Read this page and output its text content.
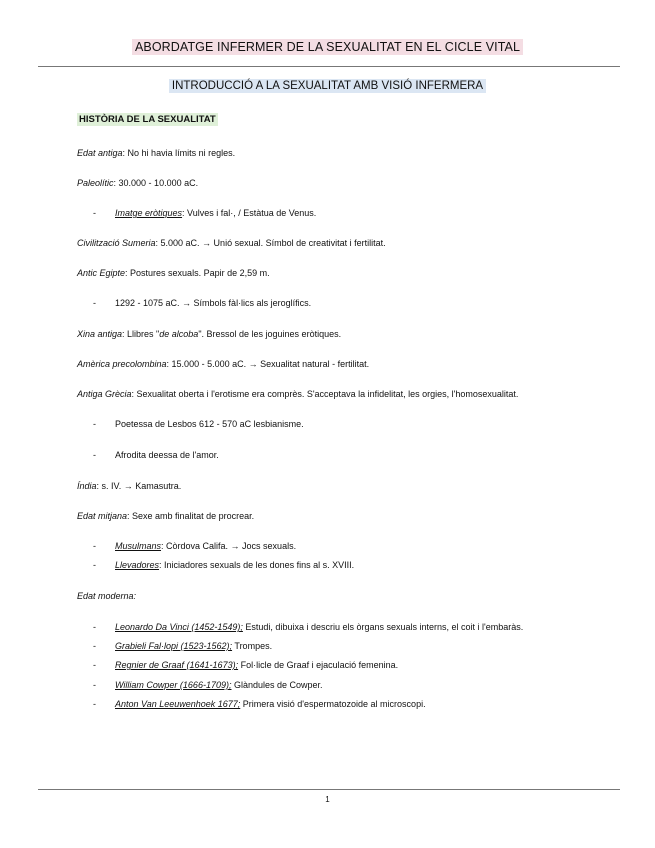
ABORDATGE INFERMER DE LA SEXUALITAT EN EL CICLE VITAL
INTRODUCCIÓ A LA SEXUALITAT AMB VISIÓ INFERMERA
HISTÒRIA DE LA SEXUALITAT
Edat antiga: No hi havia límits ni regles.
Paleolític: 30.000 - 10.000 aC.
- Imatge eròtiques: Vulves i fal·, / Estàtua de Venus.
Civilització Sumeria: 5.000 aC. → Unió sexual. Símbol de creativitat i fertilitat.
Antic Egipte: Postures sexuals. Papir de 2,59 m.
- 1292 - 1075 aC. → Símbols fàl·lics als jeroglífics.
Xina antiga: Llibres "de alcoba". Bressol de les joguines eròtiques.
Amèrica precolombina: 15.000 - 5.000 aC. → Sexualitat natural - fertilitat.
Antiga Grècia: Sexualitat oberta i l'erotisme era comprès. S'acceptava la infidelitat, les orgies, l'homosexualitat.
- Poetessa de Lesbos 612 - 570 aC lesbianisme.
- Afrodita deessa de l'amor.
Índia: s. IV. → Kamasutra.
Edat mitjana: Sexe amb finalitat de procrear.
- Musulmans: Còrdova Califa. → Jocs sexuals.
- Llevadores: Iniciadores sexuals de les dones fins al s. XVIII.
Edat moderna:
- Leonardo Da Vinci (1452-1549); Estudi, dibuixa i descriu els òrgans sexuals interns, el coit i l'embaràs.
- Grabieli Fal·lopi (1523-1562); Trompes.
- Regnier de Graaf (1641-1673); Fol·licle de Graaf i ejaculació femenina.
- William Cowper (1666-1709); Glàndules de Cowper.
- Anton Van Leeuwenhoek 1677; Primera visió d'espermatozoide al microscopi.
1
